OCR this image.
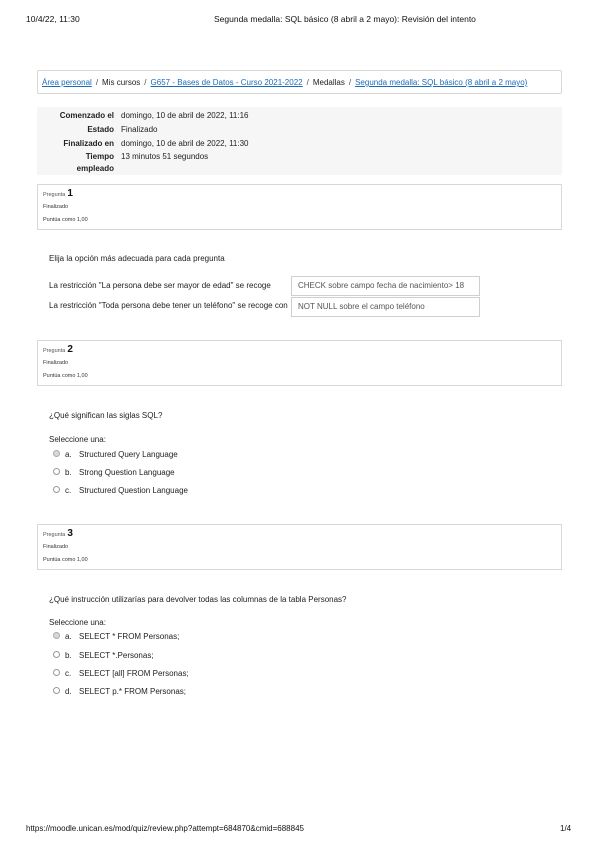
10/4/22, 11:30	Segunda medalla: SQL básico (8 abril a 2 mayo): Revisión del intento
Área personal / Mis cursos / G657 - Bases de Datos - Curso 2021-2022 / Medallas / Segunda medalla: SQL básico (8 abril a 2 mayo)
Comenzado el domingo, 10 de abril de 2022, 11:16
Estado Finalizado
Finalizado en domingo, 10 de abril de 2022, 11:30
Tiempo 13 minutos 51 segundos
empleado
Pregunta 1
Finalizado
Puntúa como 1,00
Elija la opción más adecuada para cada pregunta
La restricción "La persona debe ser mayor de edad" se recoge	CHECK sobre campo fecha de nacimiento> 18
La restricción "Toda persona debe tener un teléfono" se recoge con	NOT NULL sobre el campo teléfono
Pregunta 2
Finalizado
Puntúa como 1,00
¿Qué significan las siglas SQL?
Seleccione una:
a. Structured Query Language
b. Strong Question Language
c. Structured Question Language
Pregunta 3
Finalizado
Puntúa como 1,00
¿Qué instrucción utilizarías para devolver todas las columnas de la tabla Personas?
Seleccione una:
a. SELECT * FROM Personas;
b. SELECT *.Personas;
c. SELECT [all] FROM Personas;
d. SELECT p.* FROM Personas;
https://moodle.unican.es/mod/quiz/review.php?attempt=684870&cmid=688845	1/4
